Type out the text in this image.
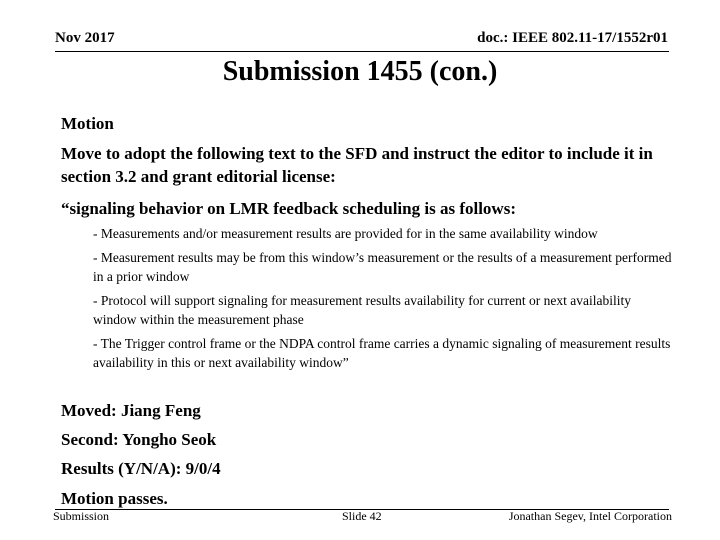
Nov 2017	doc.: IEEE 802.11-17/1552r01
Submission 1455 (con.)
Motion
Move to adopt the following text to the SFD and instruct the editor to include it in section 3.2 and grant editorial license:
“signaling behavior on LMR feedback scheduling is as follows:
- Measurements and/or measurement results are provided for in the same availability window
- Measurement results may be from this window’s measurement or the results of a measurement performed in a prior window
- Protocol will support signaling for measurement results availability for current or next availability window within the measurement phase
- The Trigger control frame or the NDPA control frame carries a dynamic signaling of measurement results availability in this or next availability window”
Moved: Jiang Feng
Second: Yongho Seok
Results (Y/N/A): 9/0/4
Motion passes.
Submission	Slide 42	Jonathan Segev, Intel Corporation
